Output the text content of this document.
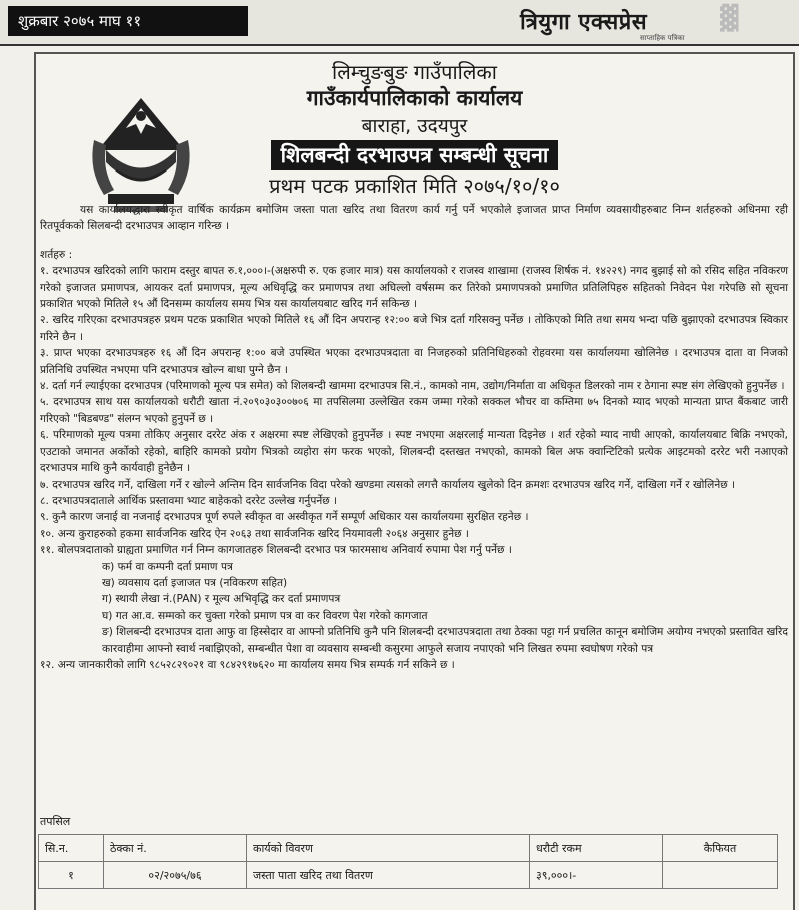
शुक्रबार २०७५ माघ ११	त्रियुगा एक्सप्रेस
साप्ताहिक पत्रिका
▓
लिम्चुङबुङ गाउँपालिका
गाउँकार्यपालिकाको कार्यालय
बाराहा, उदयपुर
शिलबन्दी दरभाउपत्र सम्बन्धी सूचना
प्रथम पटक प्रकाशित मिति २०७५/१०/१०

यस कार्यालयद्धारा स्वीकृत वार्षिक कार्यक्रम बमोजिम जस्ता पाता खरिद तथा वितरण कार्य गर्नु पर्ने भएकोले इजाजत प्राप्त निर्माण व्यवसायीहरुबाट निम्न शर्तहरुको अधिनमा रही रितपूर्वकको सिलबन्दी दरभाउपत्र आव्हान गरिन्छ ।

शर्तहरु :

१. दरभाउपत्र खरिदको लागि फाराम दस्तुर बापत रु.१,०००।-(अक्षरुपी रु. एक हजार मात्र) यस कार्यालयको र राजस्व शाखामा (राजस्व शिर्षक नं. १४२२९) नगद बुझाई सो को रसिद सहित नविकरण गरेको इजाजत प्रमाणपत्र, आयकर दर्ता प्रमाणपत्र, मूल्य अधिवृद्धि कर प्रमाणपत्र तथा अघिल्लो वर्षसम्म कर तिरेको प्रमाणपत्रको प्रमाणित प्रतिलिपिहरु सहितको निवेदन पेश गरेपछि सो सूचना प्रकाशित भएको मितिले १५ औं दिनसम्म कार्यालय समय भित्र यस कार्यालयबाट खरिद गर्न सकिन्छ ।

२. खरिद गरिएका दरभाउपत्रहरु प्रथम पटक प्रकाशित भएको मितिले १६ औं दिन अपरान्ह १२:०० बजे भित्र दर्ता गरिसक्नु पर्नेछ । तोकिएको मिति तथा समय भन्दा पछि बुझाएको दरभाउपत्र स्विकार गरिने छैन ।

३. प्राप्त भएका दरभाउपत्रहरु १६ औं दिन अपरान्ह १:०० बजे उपस्थित भएका दरभाउपत्रदाता वा निजहरुको प्रतिनिधिहरुको रोहवरमा यस कार्यालयमा खोलिनेछ । दरभाउपत्र दाता वा निजको प्रतिनिधि उपस्थित नभएमा पनि दरभाउपत्र खोल्न बाधा पुग्ने छैन ।

४. दर्ता गर्न ल्याईएका दरभाउपत्र (परिमाणको मूल्य पत्र समेत) को शिलबन्दी खाममा दरभाउपत्र सि.नं., कामको नाम, उद्योग/निर्माता वा अधिकृत डिलरको नाम र ठेगाना स्पष्ट संग लेखिएको हुनुपर्नेछ ।

५. दरभाउपत्र साथ यस कार्यालयको धरौटी खाता नं.२०९०३०३००७०६ मा तपसिलमा उल्लेखित रकम जम्मा गरेको सक्कल भौचर वा कम्तिमा ७५ दिनको म्याद भएको मान्यता प्राप्त बैंकबाट जारी गरिएको "बिडबण्ड" संलग्न भएको हुनुपर्ने छ ।

६. परिमाणको मूल्य पत्रमा तोकिए अनुसार दररेट अंक र अक्षरमा स्पष्ट लेखिएको हुनुपर्नेछ । स्पष्ट नभएमा अक्षरलाई मान्यता दिइनेछ । शर्त रहेको म्याद नाघी आएको, कार्यालयबाट बिक्रि नभएको, एउटाको जमानत अर्कोको रहेको, बाहिरि कामको प्रयोग भित्रको व्यहोरा संग फरक भएको, शिलबन्दी दस्तखत नभएको, कामको बिल अफ क्वान्टिटिको प्रत्येक आइटमको दररेट भरी नआएको दरभाउपत्र माथि कुनै कार्यवाही हुनेछैन ।

७. दरभाउपत्र खरिद गर्ने, दाखिला गर्ने र खोल्ने अन्तिम दिन सार्वजनिक विदा परेको खण्डमा त्यसको लगत्तै कार्यालय खुलेको दिन क्रमशः दरभाउपत्र खरिद गर्ने, दाखिला गर्ने र खोलिनेछ ।

८. दरभाउपत्रदाताले आर्थिक प्रस्तावमा भ्याट बाहेकको दररेट उल्लेख गर्नुपर्नेछ ।

९. कुनै कारण जनाई वा नजनाई दरभाउपत्र पूर्ण रुपले स्वीकृत वा अस्वीकृत गर्ने सम्पूर्ण अधिकार यस कार्यालयमा सुरक्षित रहनेछ ।

१०. अन्य कुराहरुको हकमा सार्वजनिक खरिद ऐन २०६३ तथा सार्वजनिक खरिद नियमावली २०६४ अनुसार हुनेछ ।

११. बोलपत्रदाताको ग्राह्यता प्रमाणित गर्न निम्न कागजातहरु शिलबन्दी दरभाउ पत्र फारमसाथ अनिवार्य रुपामा पेश गर्नु पर्नेछ ।

क) फर्म वा कम्पनी दर्ता प्रमाण पत्र

ख) व्यवसाय दर्ता इजाजत पत्र (नविकरण सहित)

ग) स्थायी लेखा नं.(PAN) र मूल्य अभिवृद्धि कर दर्ता प्रमाणपत्र

घ) गत आ.व. सम्मको कर चुक्ता गरेको प्रमाण पत्र वा कर विवरण पेश गरेको कागजात

ङ) शिलबन्दी दरभाउपत्र दाता आफु वा हिस्सेदार वा आफ्नो प्रतिनिधि कुनै पनि शिलबन्दी दरभाउपत्रदाता तथा ठेक्का पट्टा गर्न प्रचलित कानून बमोजिम अयोग्य नभएको प्रस्तावित खरिद कारवाहीमा आफ्नो स्वार्थ नबाझिएको, सम्बन्धीत पेशा वा व्यवसाय सम्बन्धी कसुरमा आफुले सजाय नपाएको भनि लिखत रुपमा स्वघोषण गरेको पत्र

१२. अन्य जानकारीको लागि ९८५२८२९०२१ वा ९८४२९१७६२० मा कार्यालय समय भित्र सम्पर्क गर्न सकिने छ ।

तपसिल
सि.न.	ठेक्का नं.	कार्यको विवरण	धरौटी रकम	कैफियत
१	०२/२०७५/७६	जस्ता पाता खरिद तथा वितरण	३९,०००।-	
